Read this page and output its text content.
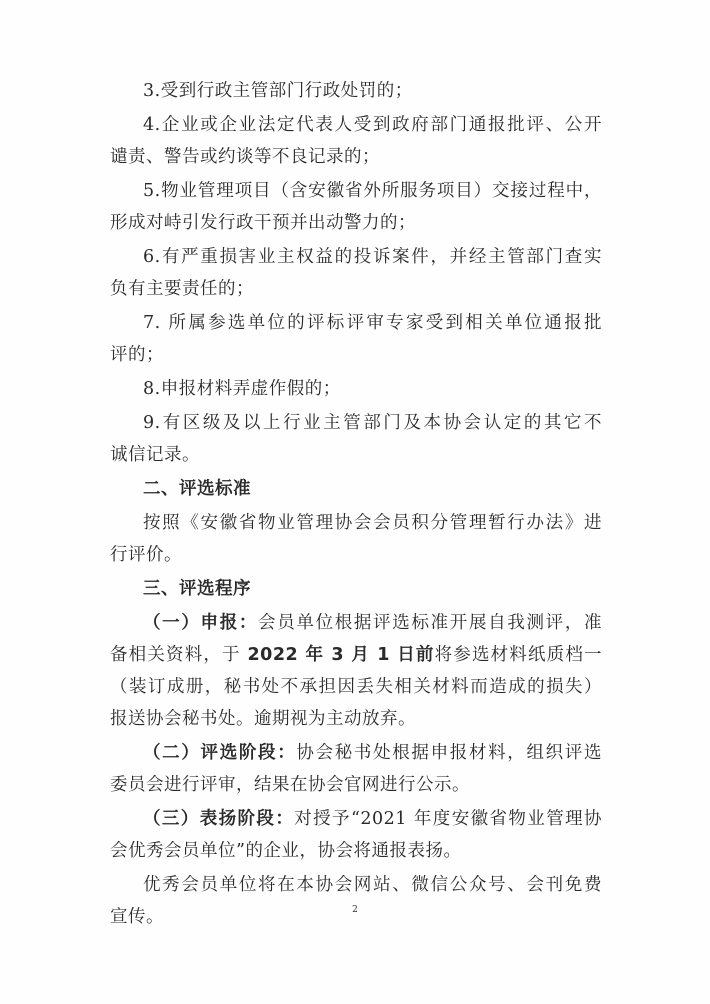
3.受到行政主管部门行政处罚的；
4.企业或企业法定代表人受到政府部门通报批评、公开
谴责、警告或约谈等不良记录的；
5.物业管理项目（含安徽省外所服务项目）交接过程中，
形成对峙引发行政干预并出动警力的；
6.有严重损害业主权益的投诉案件，并经主管部门查实
负有主要责任的；
7. 所属参选单位的评标评审专家受到相关单位通报批
评的；
8.申报材料弄虚作假的；
9.有区级及以上行业主管部门及本协会认定的其它不
诚信记录。
二、评选标准
按照《安徽省物业管理协会会员积分管理暂行办法》进
行评价。
三、评选程序
（一）申报：会员单位根据评选标准开展自我测评，准
备相关资料，于 2022 年 3 月 1 日前将参选材料纸质档一
（装订成册，秘书处不承担因丢失相关材料而造成的损失）
报送协会秘书处。逾期视为主动放弃。
（二）评选阶段：协会秘书处根据申报材料，组织评选
委员会进行评审，结果在协会官网进行公示。
（三）表扬阶段：对授予“2021 年度安徽省物业管理协
会优秀会员单位”的企业，协会将通报表扬。
优秀会员单位将在本协会网站、微信公众号、会刊免费
宣传。	2
